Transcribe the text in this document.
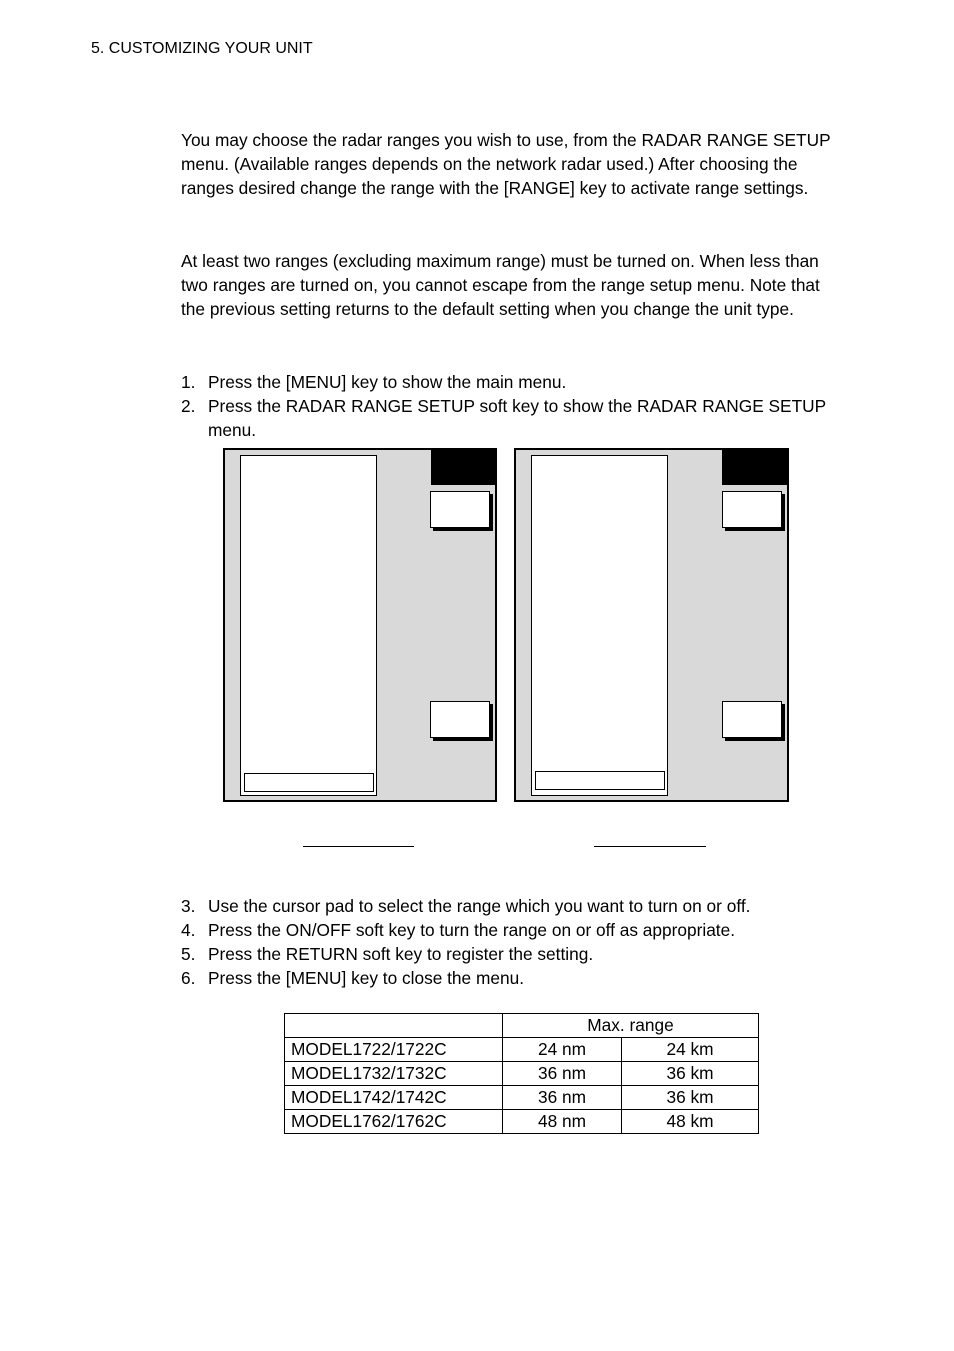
5. CUSTOMIZING YOUR UNIT
You may choose the radar ranges you wish to use, from the RADAR RANGE SETUP menu. (Available ranges depends on the network radar used.) After choosing the ranges desired change the range with the [RANGE] key to activate range settings.
At least two ranges (excluding maximum range) must be turned on. When less than two ranges are turned on, you cannot escape from the range setup menu. Note that the previous setting returns to the default setting when you change the unit type.
1. Press the [MENU] key to show the main menu.
2. Press the RADAR RANGE SETUP soft key to show the RADAR RANGE SETUP menu.
3. Use the cursor pad to select the range which you want to turn on or off.
4. Press the ON/OFF soft key to turn the range on or off as appropriate.
5. Press the RETURN soft key to register the setting.
6. Press the [MENU] key to close the menu.
	Max. range	
MODEL1722/1722C	24 nm	24 km
MODEL1732/1732C	36 nm	36 km
MODEL1742/1742C	36 nm	36 km
MODEL1762/1762C	48 nm	48 km
